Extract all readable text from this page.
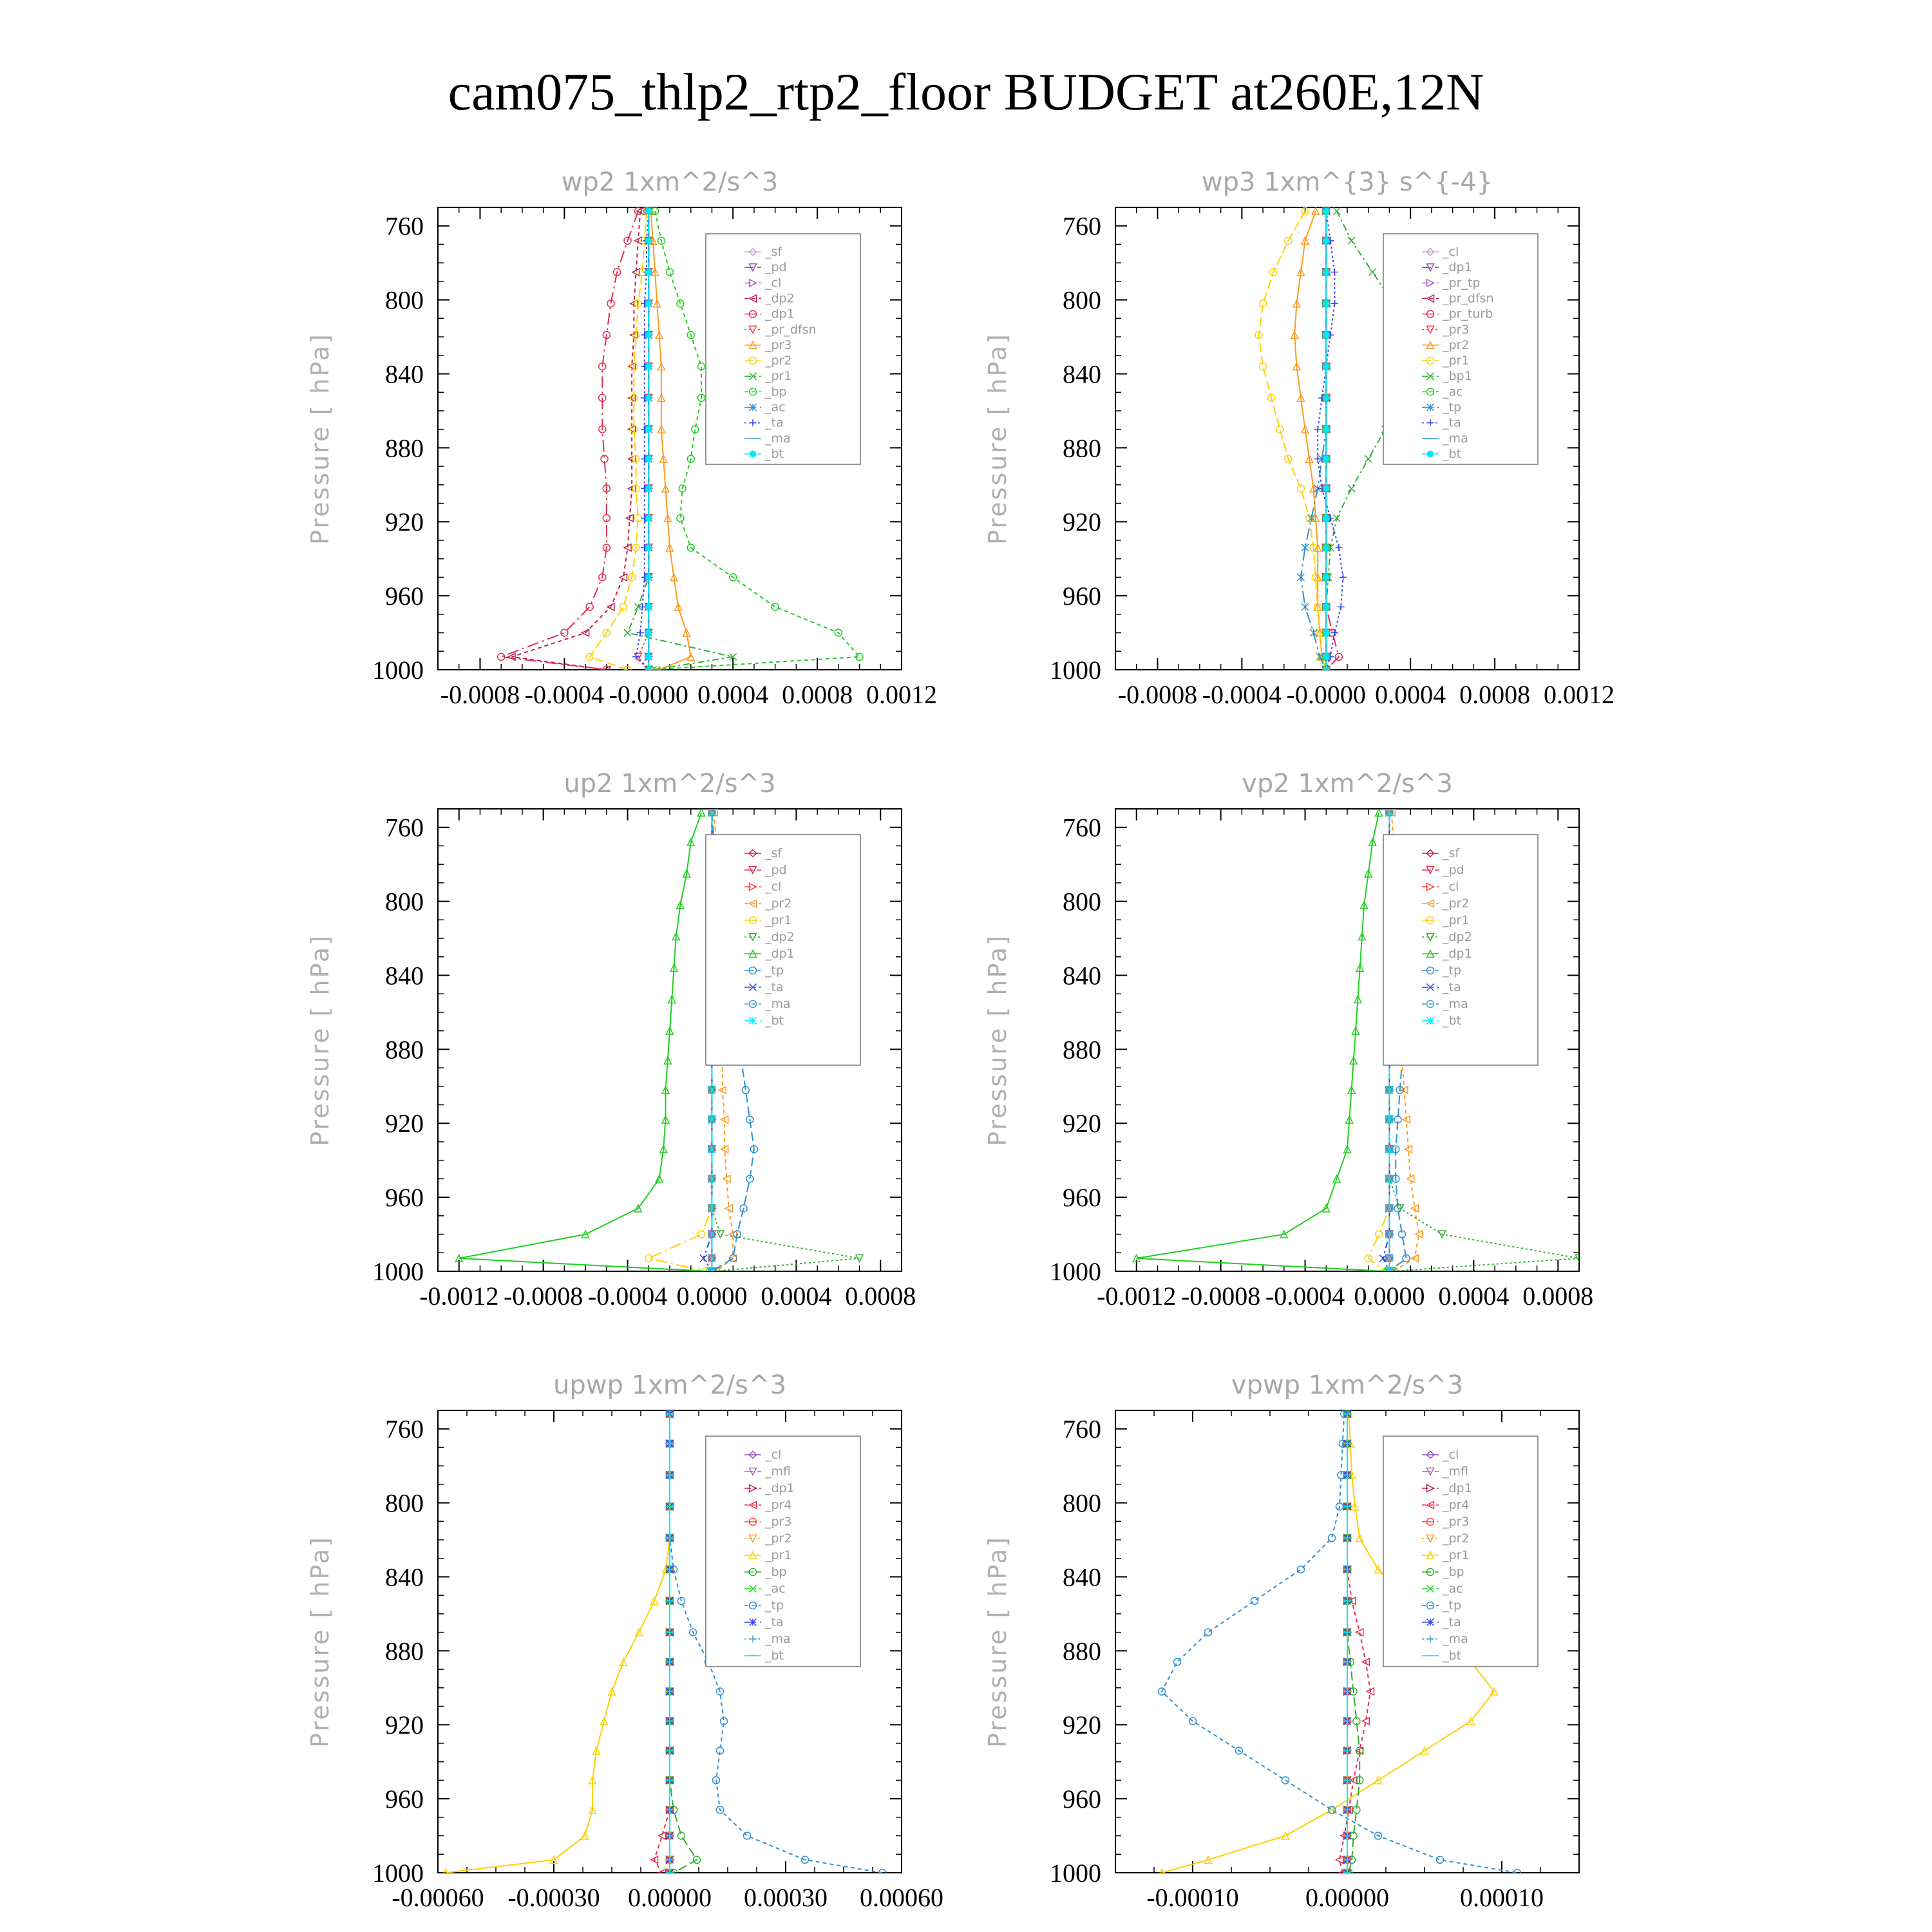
cam075_thlp2_rtp2_floor BUDGET at260E,12N
wp2 1xm^2/s^3
Pressure [ hPa]
760
800
840
880
920
960
1000
-0.0008 -0.0004 -0.0000 0.0004 0.0008 0.0012
_sf
_pd
_cl
_dp2
_dp1
_pr_dfsn
_pr3
_pr2
_pr1
_bp
_ac
_ta
_ma
_bt
wp3 1xm^{3} s^{-4}
Pressure [ hPa]
760
800
840
880
920
960
1000
-0.0008 -0.0004 -0.0000 0.0004 0.0008 0.0012
_cl
_dp1
_pr_tp
_pr_dfsn
_pr_turb
_pr3
_pr2
_pr1
_bp1
_ac
_tp
_ta
_ma
_bt
up2 1xm^2/s^3
Pressure [ hPa]
760
800
840
880
920
960
1000
-0.0012 -0.0008 -0.0004 0.0000 0.0004 0.0008
_sf
_pd
_cl
_pr2
_pr1
_dp2
_dp1
_tp
_ta
_ma
_bt
vp2 1xm^2/s^3
Pressure [ hPa]
760
800
840
880
920
960
1000
-0.0012 -0.0008 -0.0004 0.0000 0.0004 0.0008
_sf
_pd
_cl
_pr2
_pr1
_dp2
_dp1
_tp
_ta
_ma
_bt
upwp 1xm^2/s^3
Pressure [ hPa]
760
800
840
880
920
960
1000
-0.00060 -0.00030 0.00000 0.00030 0.00060
_cl
_mfl
_dp1
_pr4
_pr3
_pr2
_pr1
_bp
_ac
_tp
_ta
_ma
_bt
vpwp 1xm^2/s^3
Pressure [ hPa]
760
800
840
880
920
960
1000
-0.00010	0.00000	0.00010
_cl
_mfl
_dp1
_pr4
_pr3
_pr2
_pr1
_bp
_ac
_tp
_ta
_ma
_bt
